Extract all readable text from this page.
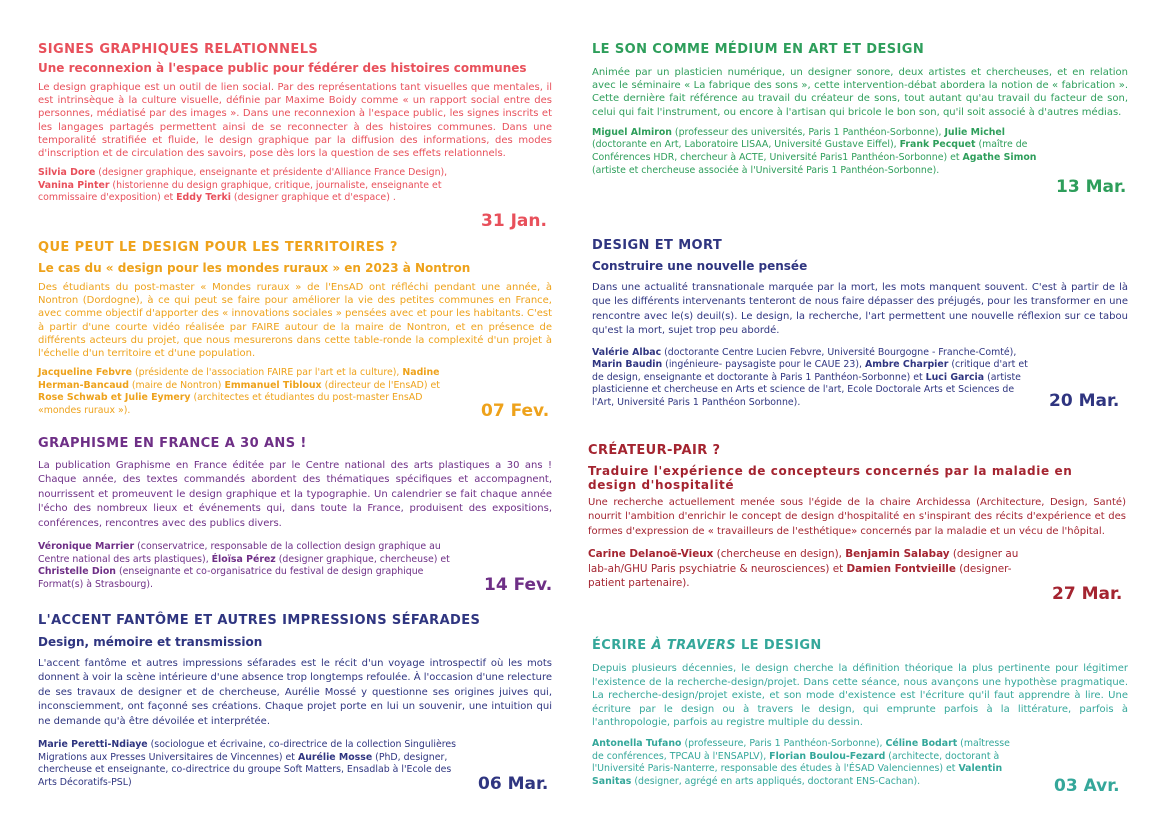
SIGNES GRAPHIQUES RELATIONNELS
Une reconnexion à l'espace public pour fédérer des histoires communes

Le design graphique est un outil de lien social. Par des représentations tant visuelles que mentales, il est intrinsèque à la culture visuelle, définie par Maxime Boidy comme « un rapport social entre des personnes, médiatisé par des images ». Dans une reconnexion à l'espace public, les signes inscrits et les langages partagés permettent ainsi de se reconnecter à des histoires communes. Dans une temporalité stratifiée et fluide, le design graphique par la diffusion des informations, des modes d'inscription et de circulation des savoirs, pose dès lors la question de ses effets relationnels.

Silvia Dore (designer graphique, enseignante et présidente d'Alliance France Design), Vanina Pinter (historienne du design graphique, critique, journaliste, enseignante et commissaire d'exposition) et Eddy Terki (designer graphique et d'espace) .

31 Jan.
QUE PEUT LE DESIGN POUR LES TERRITOIRES ?
Le cas du « design pour les mondes ruraux » en 2023 à Nontron

Des étudiants du post-master « Mondes ruraux » de l'EnsAD ont réfléchi pendant une année, à Nontron (Dordogne), à ce qui peut se faire pour améliorer la vie des petites communes en France, avec comme objectif d'apporter des « innovations sociales » pensées avec et pour les habitants. C'est à partir d'une courte vidéo réalisée par FAIRE autour de la maire de Nontron, et en présence de différents acteurs du projet, que nous mesurerons dans cette table-ronde la complexité d'un projet à l'échelle d'un territoire et d'une population.

Jacqueline Febvre (présidente de l'association FAIRE par l'art et la culture), Nadine Herman-Bancaud (maire de Nontron) Emmanuel Tibloux (directeur de l'EnsAD) et Rose Schwab et Julie Eymery (architectes et étudiantes du post-master EnsAD «mondes ruraux »).	07 Fev.
GRAPHISME EN FRANCE A 30 ANS !

La publication Graphisme en France éditée par le Centre national des arts plastiques a 30 ans ! Chaque année, des textes commandés abordent des thématiques spécifiques et accompagnent, nourrissent et promeuvent le design graphique et la typographie. Un calendrier se fait chaque année l'écho des nombreux lieux et événements qui, dans toute la France, produisent des expositions, conférences, rencontres avec des publics divers.

Véronique Marrier (conservatrice, responsable de la collection design graphique au Centre national des arts plastiques), Éloïsa Pérez (designer graphique, chercheuse) et Christelle Dion (enseignante et co-organisatrice du festival de design graphique Format(s) à Strasbourg).	14 Fev.
L'ACCENT FANTÔME ET AUTRES IMPRESSIONS SÉFARADES
Design, mémoire et transmission

L'accent fantôme et autres impressions séfarades est le récit d'un voyage introspectif où les mots donnent à voir la scène intérieure d'une absence trop longtemps refoulée. À l'occasion d'une relecture de ses travaux de designer et de chercheuse, Aurélie Mossé y questionne ses origines juives qui, inconsciemment, ont façonné ses créations. Chaque projet porte en lui un souvenir, une intuition qui ne demande qu'à être dévoilée et interprétée.

Marie Peretti-Ndiaye (sociologue et écrivaine, co-directrice de la collection Singulières Migrations aux Presses Universitaires de Vincennes) et Aurélie Mosse (PhD, designer, chercheuse et enseignante, co-directrice du groupe Soft Matters, Ensadlab à l'Ecole des Arts Décoratifs-PSL)	06 Mar.
LE SON COMME MÉDIUM EN ART ET DESIGN

Animée par un plasticien numérique, un designer sonore, deux artistes et chercheuses, et en relation avec le séminaire « La fabrique des sons », cette intervention-débat abordera la notion de « fabrication ». Cette dernière fait référence au travail du créateur de sons, tout autant qu'au travail du facteur de son, celui qui fait l'instrument, ou encore à l'artisan qui bricole le bon son, qu'il soit associé à d'autres médias.

Miguel Almiron (professeur des universités, Paris 1 Panthéon-Sorbonne), Julie Michel (doctorante en Art, Laboratoire LISAA, Université Gustave Eiffel), Frank Pecquet (maître de Conférences HDR, chercheur à ACTE, Université Paris1 Panthéon-Sorbonne) et Agathe Simon (artiste et chercheuse associée à l'Université Paris 1 Panthéon-Sorbonne).

13 Mar.
DESIGN ET MORT
Construire une nouvelle pensée

Dans une actualité transnationale marquée par la mort, les mots manquent souvent. C'est à partir de là que les différents intervenants tenteront de nous faire dépasser des préjugés, pour les transformer en une rencontre avec le(s) deuil(s). Le design, la recherche, l'art permettent une nouvelle réflexion sur ce tabou qu'est la mort, sujet trop peu abordé.

Valérie Albac (doctorante Centre Lucien Febvre, Université Bourgogne - Franche-Comté), Marin Baudin (ingénieure- paysagiste pour le CAUE 23), Ambre Charpier (critique d'art et de design, enseignante et doctorante à Paris 1 Panthéon-Sorbonne) et Luci Garcia (artiste plasticienne et chercheuse en Arts et science de l'art, Ecole Doctorale Arts et Sciences de l'Art, Université Paris 1 Panthéon Sorbonne).	20 Mar.
CRÉATEUR-PAIR ?
Traduire l'expérience de concepteurs concernés par la maladie en design d'hospitalité

Une recherche actuellement menée sous l'égide de la chaire Archidessa (Architecture, Design, Santé) nourrit l'ambition d'enrichir le concept de design d'hospitalité en s'inspirant des récits d'expérience et des formes d'expression de « travailleurs de l'esthétique» concernés par la maladie et un vécu de l'hôpital.

Carine Delanoë-Vieux (chercheuse en design), Benjamin Salabay (designer au lab-ah/GHU Paris psychiatrie & neurosciences) et Damien Fontvieille (designer-patient partenaire).

27 Mar.
ÉCRIRE À TRAVERS LE DESIGN

Depuis plusieurs décennies, le design cherche la définition théorique la plus pertinente pour légitimer l'existence de la recherche-design/projet. Dans cette séance, nous avançons une hypothèse pragmatique. La recherche-design/projet existe, et son mode d'existence est l'écriture qu'il faut apprendre à lire. Une écriture par le design ou à travers le design, qui emprunte parfois à la littérature, parfois à l'anthropologie, parfois au registre multiple du dessin.

Antonella Tufano (professeure, Paris 1 Panthéon-Sorbonne), Céline Bodart (maîtresse de conférences, TPCAU à l'ENSAPLV), Florian Boulou-Fezard (architecte, doctorant à l'Université Paris-Nanterre, responsable des études à l'ÉSAD Valenciennes) et Valentin Sanitas (designer, agrégé en arts appliqués, doctorant ENS-Cachan).	03 Avr.
